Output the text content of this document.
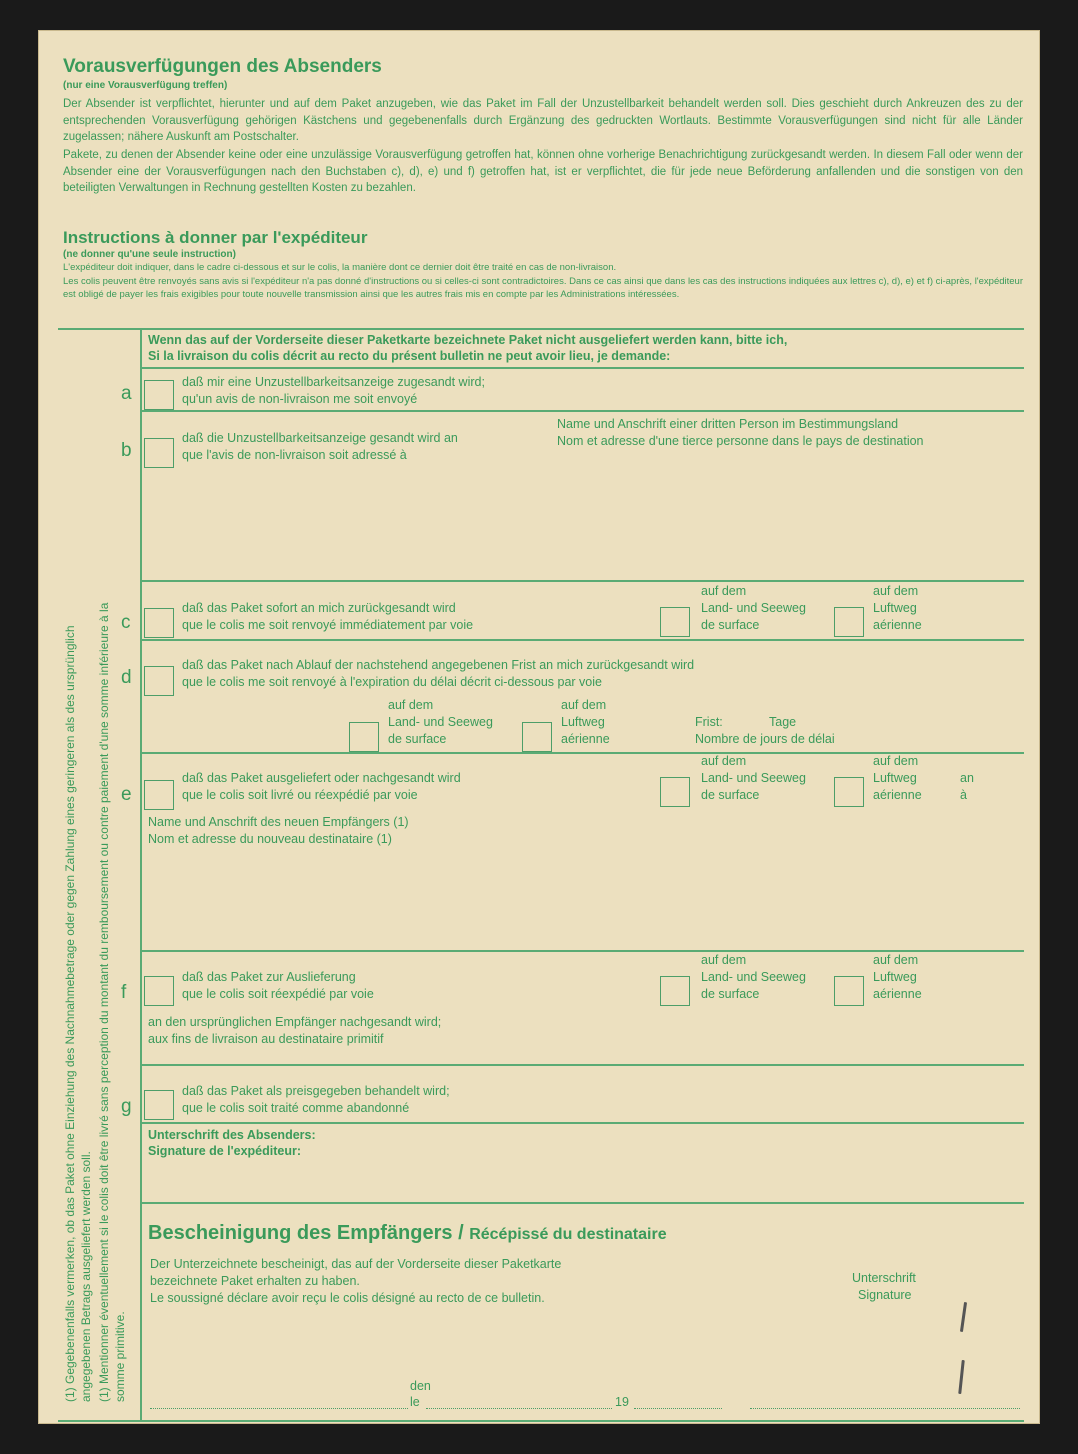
Vorausverfügungen des Absenders
(nur eine Vorausverfügung treffen)
Der Absender ist verpflichtet, hierunter und auf dem Paket anzugeben, wie das Paket im Fall der Unzustellbarkeit behandelt werden soll. Dies geschieht durch Ankreuzen des zu der entsprechenden Vorausverfügung gehörigen Kästchens und gegebenenfalls durch Ergänzung des gedruckten Wortlauts. Bestimmte Vorausverfügungen sind nicht für alle Länder zugelassen; nähere Auskunft am Postschalter.
Pakete, zu denen der Absender keine oder eine unzulässige Vorausverfügung getroffen hat, können ohne vorherige Benachrichtigung zurückgesandt werden. In diesem Fall oder wenn der Absender eine der Vorausverfügungen nach den Buchstaben c), d), e) und f) getroffen hat, ist er verpflichtet, die für jede neue Beförderung anfallenden und die sonstigen von den beteiligten Verwaltungen in Rechnung gestellten Kosten zu bezahlen.
Instructions à donner par l'expéditeur
(ne donner qu'une seule instruction)
L'expéditeur doit indiquer, dans le cadre ci-dessous et sur le colis, la manière dont ce dernier doit être traité en cas de non-livraison.
Les colis peuvent être renvoyés sans avis si l'expéditeur n'a pas donné d'instructions ou si celles-ci sont contradictoires. Dans ce cas ainsi que dans les cas des instructions indiquées aux lettres c), d), e) et f) ci-après, l'expéditeur est obligé de payer les frais exigibles pour toute nouvelle transmission ainsi que les autres frais mis en compte par les Administrations intéressées.
Wenn das auf der Vorderseite dieser Paketkarte bezeichnete Paket nicht ausgeliefert werden kann, bitte ich,
Si la livraison du colis décrit au recto du présent bulletin ne peut avoir lieu, je demande:
a
daß mir eine Unzustellbarkeitsanzeige zugesandt wird;
qu'un avis de non-livraison me soit envoyé
b
daß die Unzustellbarkeitsanzeige gesandt wird an
que l'avis de non-livraison soit adressé à
Name und Anschrift einer dritten Person im Bestimmungsland
Nom et adresse d'une tierce personne dans le pays de destination
c
daß das Paket sofort an mich zurückgesandt wird
que le colis me soit renvoyé immédiatement par voie
auf dem
Land- und Seeweg
de surface
auf dem
Luftweg
aérienne
d
daß das Paket nach Ablauf der nachstehend angegebenen Frist an mich zurückgesandt wird
que le colis me soit renvoyé à l'expiration du délai décrit ci-dessous par voie
auf dem
Land- und Seeweg
de surface
auf dem
Luftweg
aérienne
Frist:	Tage
Nombre de jours de délai
e
daß das Paket ausgeliefert oder nachgesandt wird
que le colis soit livré ou réexpédié par voie
auf dem
Land- und Seeweg
de surface
auf dem
Luftweg
aérienne
an
à
Name und Anschrift des neuen Empfängers (1)
Nom et adresse du nouveau destinataire (1)
f
daß das Paket zur Auslieferung
que le colis soit réexpédié par voie
auf dem
Land- und Seeweg
de surface
auf dem
Luftweg
aérienne
an den ursprünglichen Empfänger nachgesandt wird;
aux fins de livraison au destinataire primitif
g
daß das Paket als preisgegeben behandelt wird;
que le colis soit traité comme abandonné
Unterschrift des Absenders:
Signature de l'expéditeur:
Bescheinigung des Empfängers / Récépissé du destinataire
Der Unterzeichnete bescheinigt, das auf der Vorderseite dieser Paketkarte
bezeichnete Paket erhalten zu haben.
Le soussigné déclare avoir reçu le colis désigné au recto de ce bulletin.
Unterschrift
Signature
den
le	19
(1) Gegebenenfalls vermerken, ob das Paket ohne Einziehung des Nachnahmebetrage oder gegen Zahlung eines geringeren als des ursprünglich angegebenen Betrags ausgeliefert werden soll. (1) Mentionner éventuellement si le colis doit être livré sans perception du montant du remboursement ou contre paiement d'une somme inférieure à la somme primitive.
